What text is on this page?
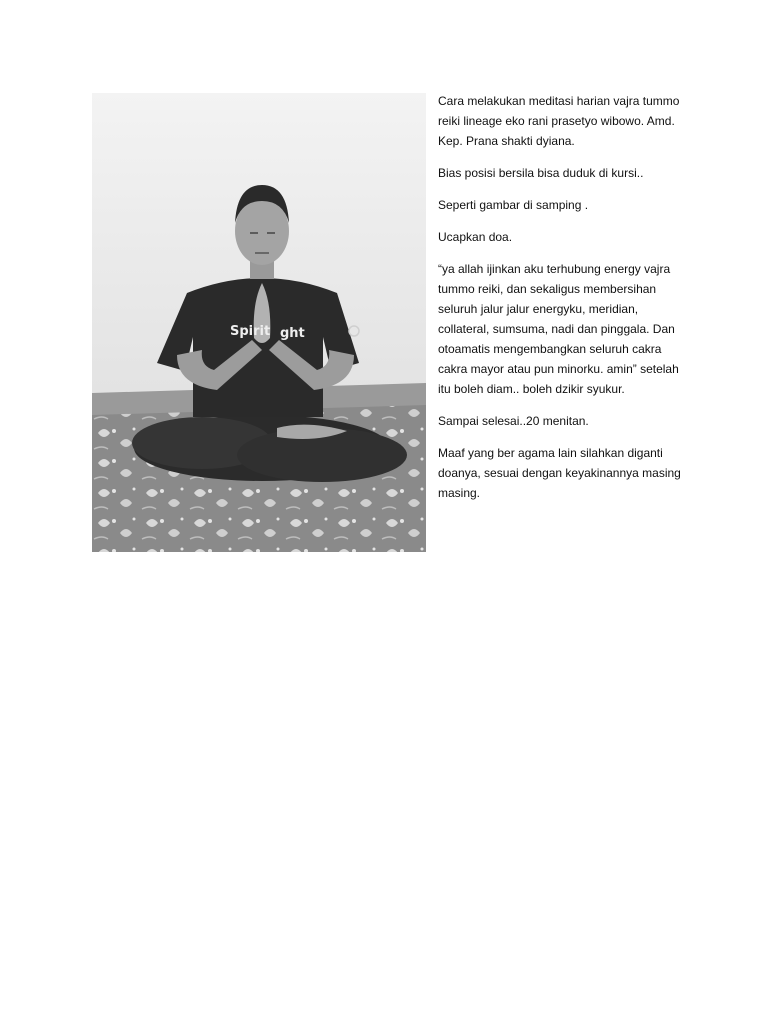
Spirit ght

Cara melakukan meditasi harian vajra tummo reiki lineage eko rani prasetyo wibowo. Amd. Kep. Prana shakti dyiana.

Bias posisi bersila bisa duduk di kursi..

Seperti gambar di samping .

Ucapkan doa.

“ya allah ijinkan aku terhubung energy vajra tummo reiki, dan sekaligus membersihan seluruh jalur jalur energyku, meridian, collateral, sumsuma, nadi dan pinggala. Dan otoamatis mengembangkan seluruh cakra cakra mayor atau pun minorku. amin” setelah itu boleh diam.. boleh dzikir syukur.

Sampai selesai..20 menitan.

Maaf yang ber agama lain silahkan diganti doanya, sesuai dengan keyakinannya masing masing.
